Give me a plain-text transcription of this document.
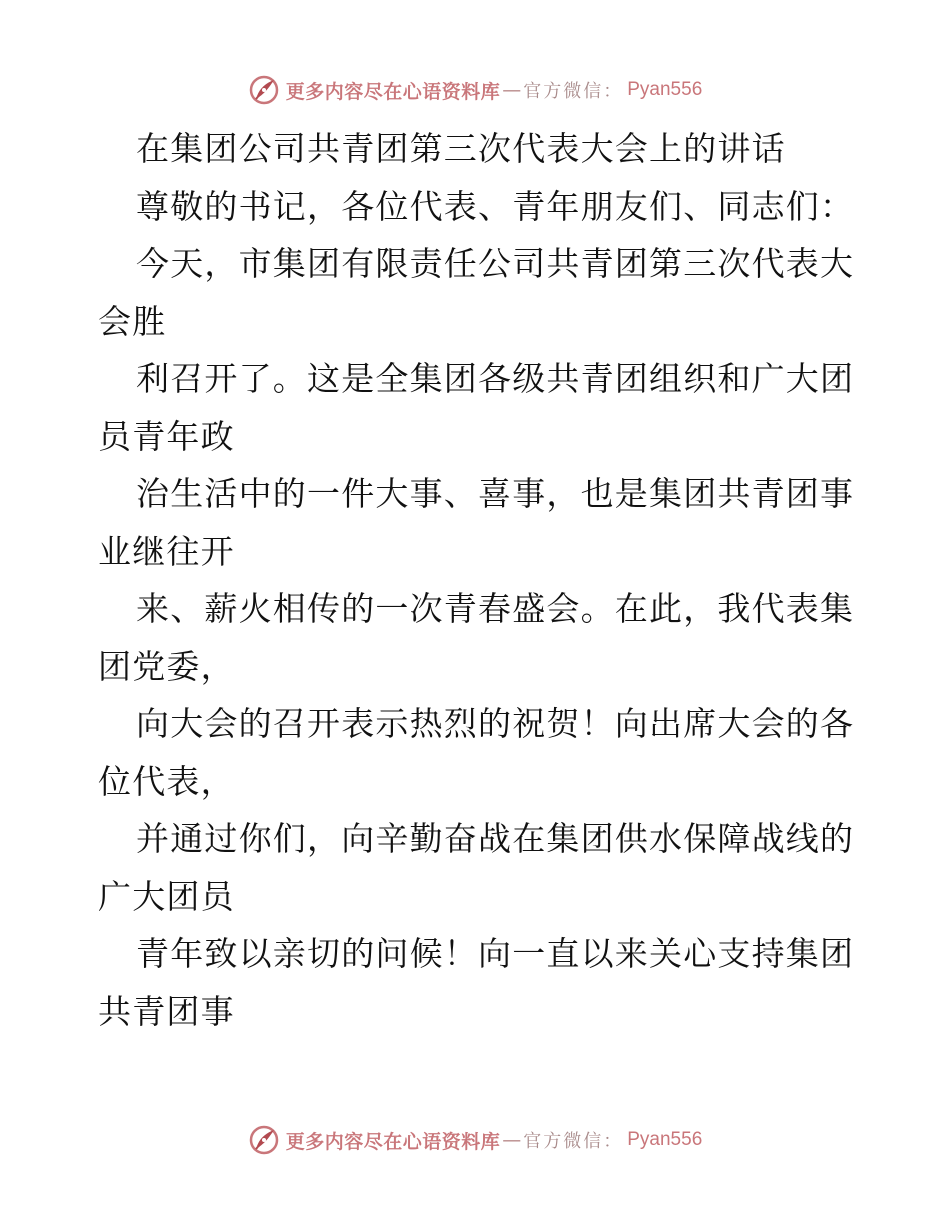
更多内容尽在心语资料库 — 官方微信： Pyan556
在集团公司共青团第三次代表大会上的讲话
尊敬的书记，各位代表、青年朋友们、同志们：
今天，市集团有限责任公司共青团第三次代表大
会胜
利召开了。这是全集团各级共青团组织和广大团
员青年政
治生活中的一件大事、喜事，也是集团共青团事
业继往开
来、薪火相传的一次青春盛会。在此，我代表集
团党委，
向大会的召开表示热烈的祝贺！向出席大会的各
位代表，
并通过你们，向辛勤奋战在集团供水保障战线的
广大团员
青年致以亲切的问候！向一直以来关心支持集团
共青团事
更多内容尽在心语资料库 — 官方微信： Pyan556
